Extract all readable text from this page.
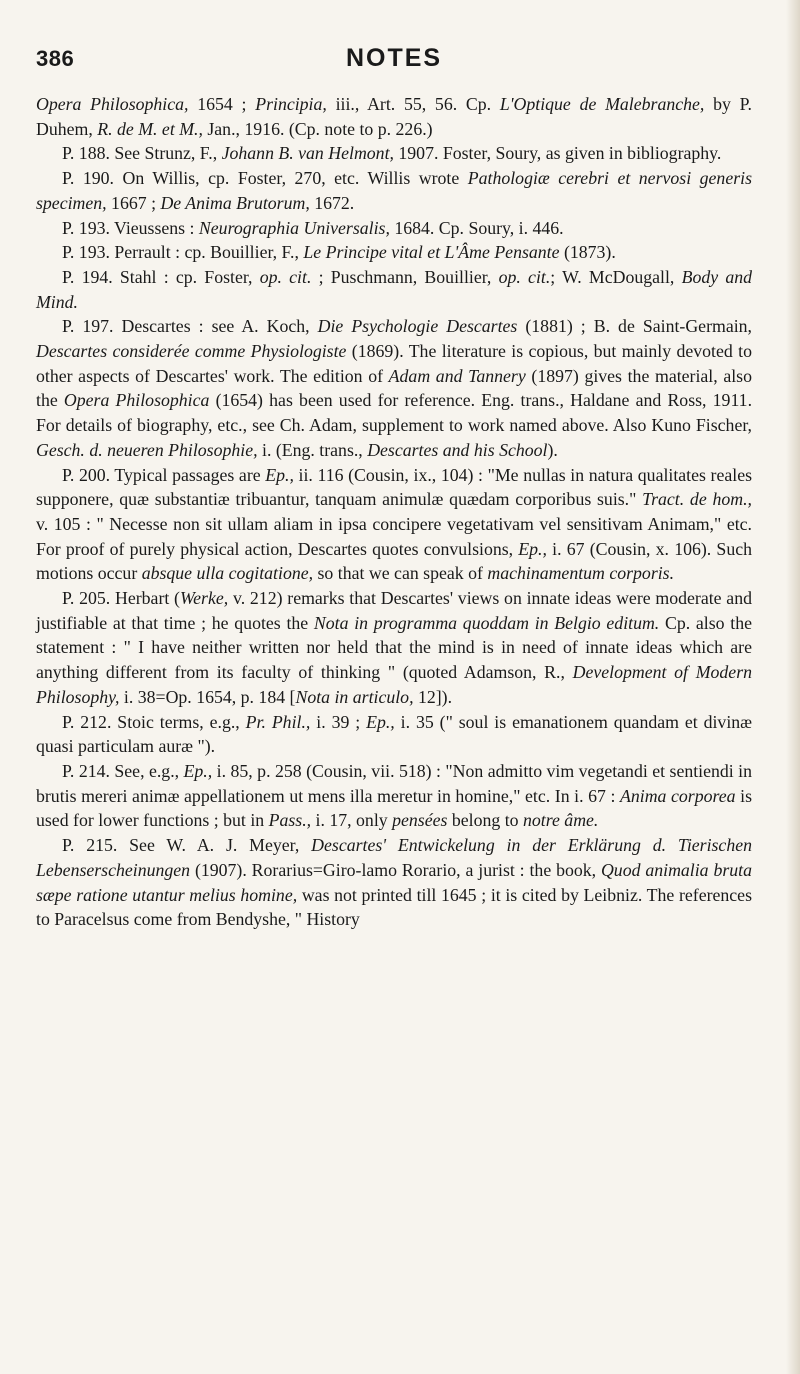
386	NOTES

Opera Philosophica, 1654 ; Principia, iii., Art. 55, 56. Cp. L'Optique de Malebranche, by P. Duhem, R. de M. et M., Jan., 1916. (Cp. note to p. 226.)

P. 188. See Strunz, F., Johann B. van Helmont, 1907. Foster, Soury, as given in bibliography.

P. 190. On Willis, cp. Foster, 270, etc. Willis wrote Pathologiæ cerebri et nervosi generis specimen, 1667 ; De Anima Brutorum, 1672.

P. 193. Vieussens : Neurographia Universalis, 1684. Cp. Soury, i. 446.

P. 193. Perrault : cp. Bouillier, F., Le Principe vital et L'Âme Pensante (1873).

P. 194. Stahl : cp. Foster, op. cit. ; Puschmann, Bouillier, op. cit.; W. McDougall, Body and Mind.

P. 197. Descartes : see A. Koch, Die Psychologie Descartes (1881) ; B. de Saint-Germain, Descartes considerée comme Physiologiste (1869). The literature is copious, but mainly devoted to other aspects of Descartes' work. The edition of Adam and Tannery (1897) gives the material, also the Opera Philosophica (1654) has been used for reference. Eng. trans., Haldane and Ross, 1911. For details of biography, etc., see Ch. Adam, supplement to work named above. Also Kuno Fischer, Gesch. d. neueren Philosophie, i. (Eng. trans., Descartes and his School).

P. 200. Typical passages are Ep., ii. 116 (Cousin, ix., 104) : "Me nullas in natura qualitates reales supponere, quæ substantiæ tribuantur, tanquam animulæ quædam corporibus suis." Tract. de hom., v. 105 : " Necesse non sit ullam aliam in ipsa concipere vegetativam vel sensitivam Animam," etc. For proof of purely physical action, Descartes quotes convulsions, Ep., i. 67 (Cousin, x. 106). Such motions occur absque ulla cogitatione, so that we can speak of machinamentum corporis.

P. 205. Herbart (Werke, v. 212) remarks that Descartes' views on innate ideas were moderate and justifiable at that time ; he quotes the Nota in programma quoddam in Belgio editum. Cp. also the statement : " I have neither written nor held that the mind is in need of innate ideas which are anything different from its faculty of thinking " (quoted Adamson, R., Development of Modern Philosophy, i. 38=Op. 1654, p. 184 [Nota in articulo, 12]).

P. 212. Stoic terms, e.g., Pr. Phil., i. 39 ; Ep., i. 35 (" soul is emanationem quandam et divinæ quasi particulam auræ ").

P. 214. See, e.g., Ep., i. 85, p. 258 (Cousin, vii. 518) : "Non admitto vim vegetandi et sentiendi in brutis mereri animæ appellationem ut mens illa meretur in homine," etc. In i. 67 : Anima corporea is used for lower functions ; but in Pass., i. 17, only pensées belong to notre âme.

P. 215. See W. A. J. Meyer, Descartes' Entwickelung in der Erklärung d. Tierischen Lebenserscheinungen (1907). Rorarius=Giro-lamo Rorario, a jurist : the book, Quod animalia bruta sæpe ratione utantur melius homine, was not printed till 1645 ; it is cited by Leibniz. The references to Paracelsus come from Bendyshe, " History
